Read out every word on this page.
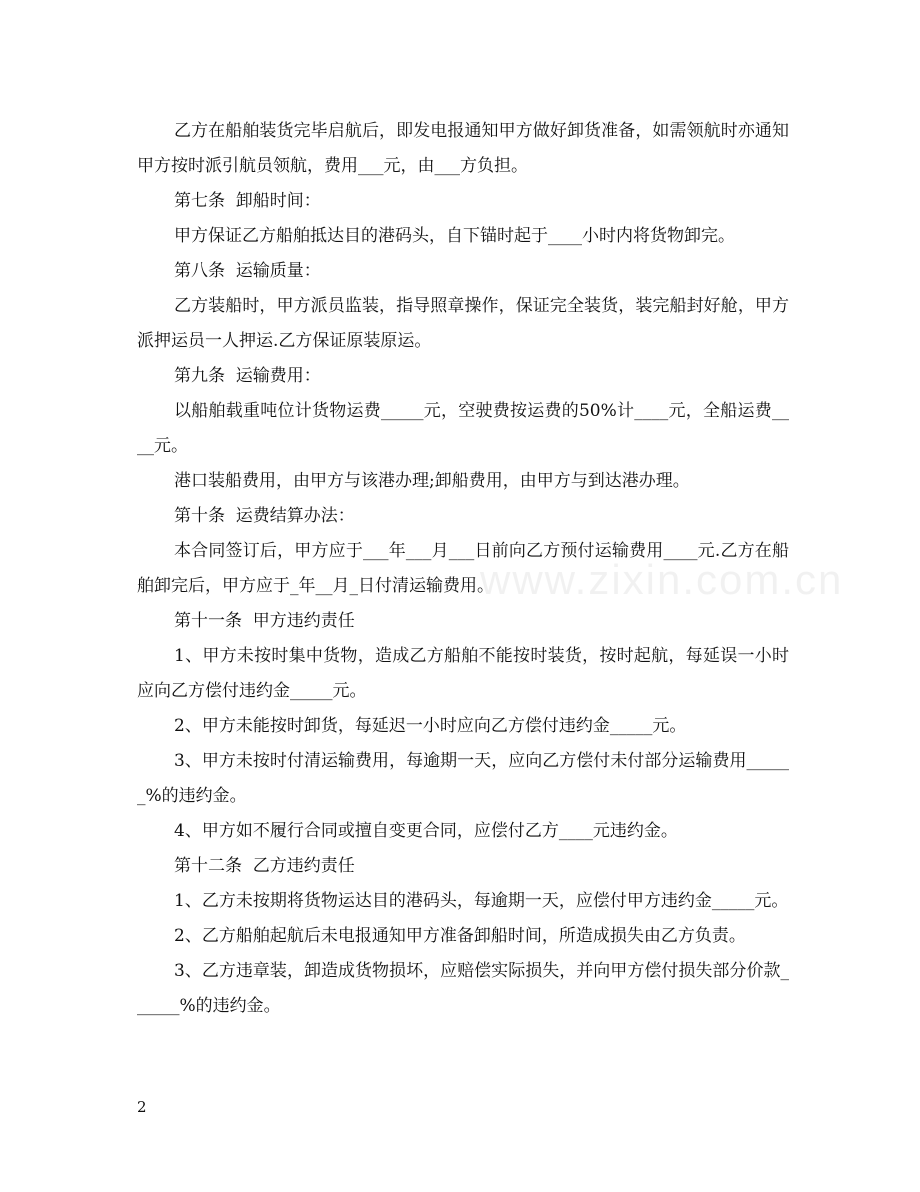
www.zixin.com.cn

乙方在船舶装货完毕启航后，即发电报通知甲方做好卸货准备，如需领航时亦通知甲方按时派引航员领航，费用___元，由___方负担。

第七条  卸船时间：

甲方保证乙方船舶抵达目的港码头，自下锚时起于____小时内将货物卸完。

第八条  运输质量：

乙方装船时，甲方派员监装，指导照章操作，保证完全装货，装完船封好舱，甲方派押运员一人押运.乙方保证原装原运。

第九条  运输费用：

以船舶载重吨位计货物运费_____元，空驶费按运费的50%计____元，全船运费____元。

港口装船费用，由甲方与该港办理;卸船费用，由甲方与到达港办理。

第十条  运费结算办法：

本合同签订后，甲方应于___年___月___日前向乙方预付运输费用____元.乙方在船舶卸完后，甲方应于_年__月_日付清运输费用。

第十一条  甲方违约责任

1、甲方未按时集中货物，造成乙方船舶不能按时装货，按时起航，每延误一小时应向乙方偿付违约金_____元。

2、甲方未能按时卸货，每延迟一小时应向乙方偿付违约金_____元。

3、甲方未按时付清运输费用，每逾期一天，应向乙方偿付未付部分运输费用______%的违约金。

4、甲方如不履行合同或擅自变更合同，应偿付乙方____元违约金。

第十二条  乙方违约责任

1、乙方未按期将货物运达目的港码头，每逾期一天，应偿付甲方违约金_____元。

2、乙方船舶起航后未电报通知甲方准备卸船时间，所造成损失由乙方负责。

3、乙方违章装，卸造成货物损坏，应赔偿实际损失，并向甲方偿付损失部分价款______%的违约金。

2
